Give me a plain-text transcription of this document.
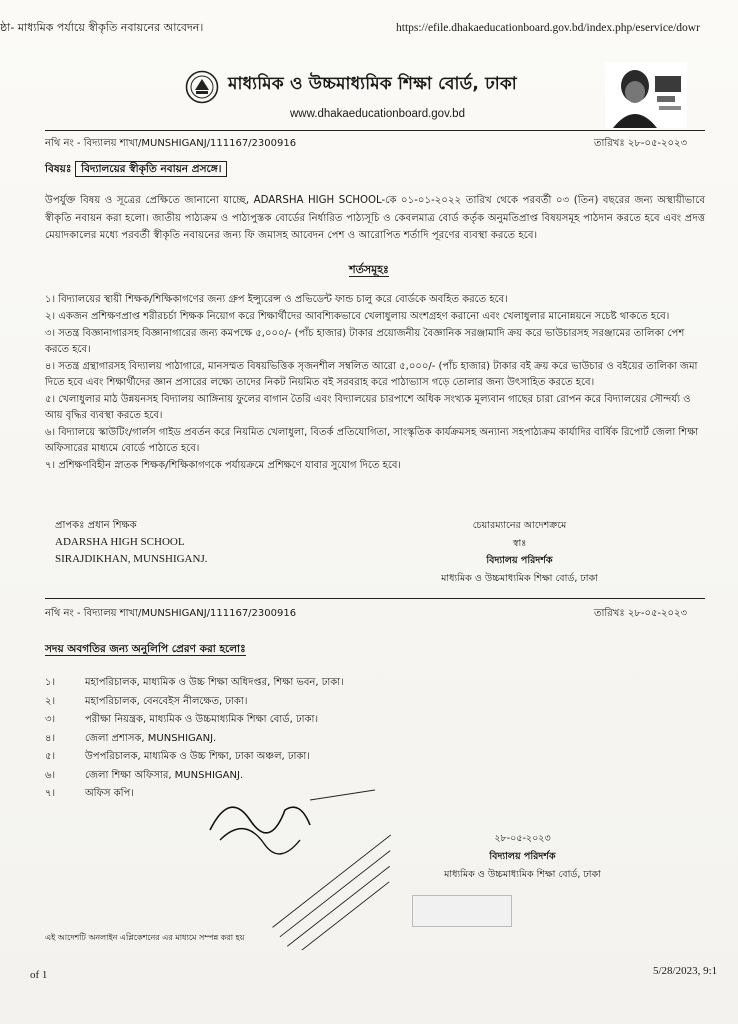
ষ্ঠা- মাধ্যমিক পর্যায়ে স্বীকৃতি নবায়নের আবেদন।	https://efile.dhakaeducationboard.gov.bd/index.php/eservice/dowr
মাধ্যমিক ও উচ্চমাধ্যমিক শিক্ষা বোর্ড, ঢাকা
www.dhakaeducationboard.gov.bd
নথি নং - বিদ্যালয় শাখা/MUNSHIGANJ/111167/2300916	তারিখঃ ২৮-০৫-২০২৩
বিষয়ঃ বিদ্যালয়ের স্বীকৃতি নবায়ন প্রসঙ্গে।
উপর্যুক্ত বিষয় ও সূত্রের প্রেক্ষিতে জানানো যাচ্ছে, ADARSHA HIGH SCHOOL-কে ০১-০১-২০২২ তারিখ থেকে পরবর্তী ০৩ (তিন) বছরের জন্য অস্থায়ীভাবে স্বীকৃতি নবায়ন করা হলো। জাতীয় পাঠ্যক্রম ও পাঠ্যপুস্তক বোর্ডের নির্ধারিত পাঠ্যসূচি ও কেবলমাত্র বোর্ড কর্তৃক অনুমতিপ্রাপ্ত বিষয়সমূহ পাঠদান করতে হবে এবং প্রদত্ত মেয়াদকালের মধ্যে পরবর্তী স্বীকৃতি নবায়নের জন্য ফি জমাসহ আবেদন পেশ ও আরোপিত শর্তাদি পূরণের ব্যবস্থা করতে হবে।
শর্তসমূহঃ
১। বিদ্যালয়ের স্থায়ী শিক্ষক/শিক্ষিকাগণের জন্য গ্রুপ ইন্স্যুরেন্স ও প্রভিডেন্ট ফান্ড চালু করে বোর্ডকে অবহিত করতে হবে।
২। একজন প্রশিক্ষণপ্রাপ্ত শরীরচর্চা শিক্ষক নিয়োগ করে শিক্ষার্থীদের আবশ্যিকভাবে খেলাধুলায় অংশগ্রহণ করানো এবং খেলাধুলার মানোন্নয়নে সচেষ্ট থাকতে হবে।
৩। সতন্ত্র বিজ্ঞানাগারসহ বিজ্ঞানাগারের জন্য কমপক্ষে ৫,০০০/- (পাঁচ হাজার) টাকার প্রয়োজনীয় বৈজ্ঞানিক সরঞ্জামাদি ক্রয় করে ভাউচারসহ সরঞ্জামের তালিকা পেশ করতে হবে।
৪। সতন্ত্র গ্রন্থাগারসহ বিদ্যালয় পাঠাগারে, মানসম্মত বিষয়ভিত্তিক সৃজনশীল সম্বলিত আরো ৫,০০০/- (পাঁচ হাজার) টাকার বই ক্রয় করে ভাউচার ও বইয়ের তালিকা জমা দিতে হবে এবং শিক্ষার্থীদের জ্ঞান প্রসারের লক্ষ্যে তাদের নিকট নিয়মিত বই সরবরাহ করে পাঠাভ্যাস গড়ে তোলার জন্য উৎসাহিত করতে হবে।
৫। খেলাধুলার মাঠ উন্নয়নসহ বিদ্যালয় আঙ্গিনায় ফুলের বাগান তৈরি এবং বিদ্যালয়ের চারপাশে অধিক সংখ্যক মূল্যবান গাছের চারা রোপন করে বিদ্যালয়ের সৌন্দর্য্য ও আয় বৃদ্ধির ব্যবস্থা করতে হবে।
৬। বিদ্যালয়ে স্কাউটিং/গার্লস গাইড প্রবর্তন করে নিয়মিত খেলাধুলা, বিতর্ক প্রতিযোগিতা, সাংস্কৃতিক কার্যক্রমসহ অন্যান্য সহপাঠ্যক্রম কার্যাদির বার্ষিক রিপোর্ট জেলা শিক্ষা অফিসারের মাধ্যমে বোর্ডে পাঠাতে হবে।
৭। প্রশিক্ষণবিহীন স্নাতক শিক্ষক/শিক্ষিকাগণকে পর্যায়ক্রমে প্রশিক্ষণে যাবার সুযোগ দিতে হবে।
প্রাপকঃ প্রধান শিক্ষক
ADARSHA HIGH SCHOOL
SIRAJDIKHAN, MUNSHIGANJ.
চেয়ারম্যানের আদেশক্রমে
স্বাঃ
বিদ্যালয় পরিদর্শক
মাধ্যমিক ও উচ্চমাধ্যমিক শিক্ষা বোর্ড, ঢাকা
নথি নং - বিদ্যালয় শাখা/MUNSHIGANJ/111167/2300916	তারিখঃ ২৮-০৫-২০২৩
সদয় অবগতির জন্য অনুলিপি প্রেরণ করা হলোঃ
১।	মহাপরিচালক, মাধ্যমিক ও উচ্চ শিক্ষা অধিদপ্তর, শিক্ষা ভবন, ঢাকা।
২।	মহাপরিচালক, বেনবেইস নীলক্ষেত, ঢাকা।
৩।	পরীক্ষা নিয়ন্ত্রক, মাধ্যমিক ও উচ্চমাধ্যমিক শিক্ষা বোর্ড, ঢাকা।
৪।	জেলা প্রশাসক, MUNSHIGANJ.
৫।	উপপরিচালক, মাধ্যমিক ও উচ্চ শিক্ষা, ঢাকা অঞ্চল, ঢাকা।
৬।	জেলা শিক্ষা অফিসার, MUNSHIGANJ.
৭।	অফিস কপি।
২৮-০৫-২০২৩
বিদ্যালয় পরিদর্শক
মাধ্যমিক ও উচ্চমাধ্যমিক শিক্ষা বোর্ড, ঢাকা
এই আদেশটি অনলাইন এপ্লিকেশনের এর মাধ্যমে সম্পন্ন করা হয়
of 1	5/28/2023, 9:1
